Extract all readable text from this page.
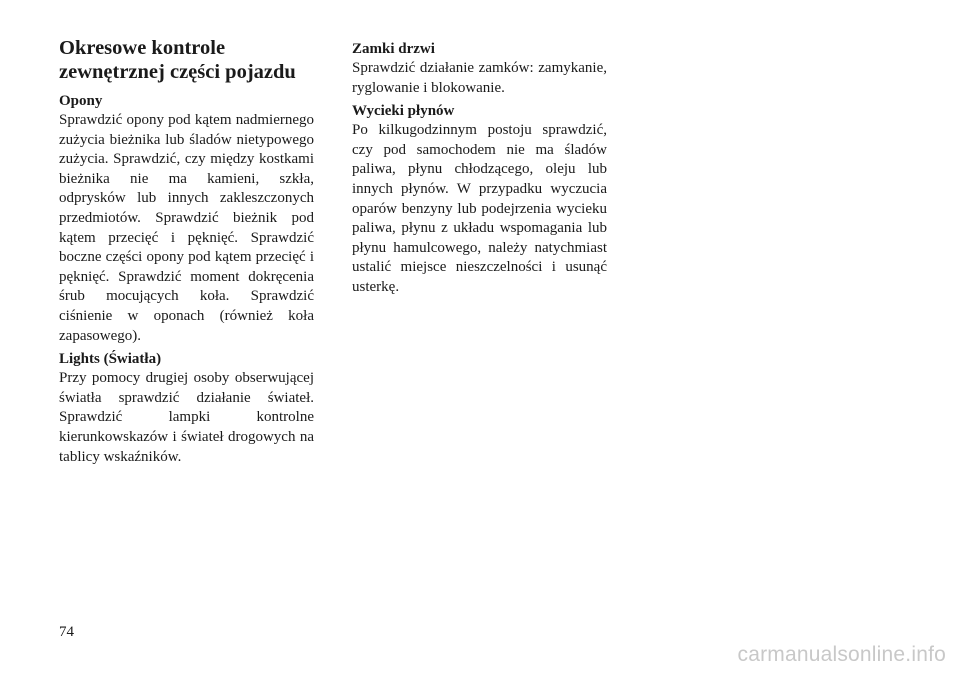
Okresowe kontrole zewnętrznej części pojazdu

Opony

Sprawdzić opony pod kątem nadmiernego zużycia bieżnika lub śladów nietypowego zużycia. Sprawdzić, czy między kostkami bieżnika nie ma kamieni, szkła, odprysków lub innych zakleszczonych przedmiotów. Sprawdzić bieżnik pod kątem przecięć i pęknięć. Sprawdzić boczne części opony pod kątem przecięć i pęknięć. Sprawdzić moment dokręcenia śrub mocujących koła. Sprawdzić ciśnienie w oponach (również koła zapasowego).

Lights (Światła)

Przy pomocy drugiej osoby obserwującej światła sprawdzić działanie świateł. Sprawdzić lampki kontrolne kierunkowskazów i świateł drogowych na tablicy wskaźników.

Zamki drzwi

Sprawdzić działanie zamków: zamykanie, ryglowanie i blokowanie.

Wycieki płynów

Po kilkugodzinnym postoju sprawdzić, czy pod samochodem nie ma śladów paliwa, płynu chłodzącego, oleju lub innych płynów. W przypadku wyczucia oparów benzyny lub podejrzenia wycieku paliwa, płynu z układu wspomagania lub płynu hamulcowego, należy natychmiast ustalić miejsce nieszczelności i usunąć usterkę.

74
carmanualsonline.info
